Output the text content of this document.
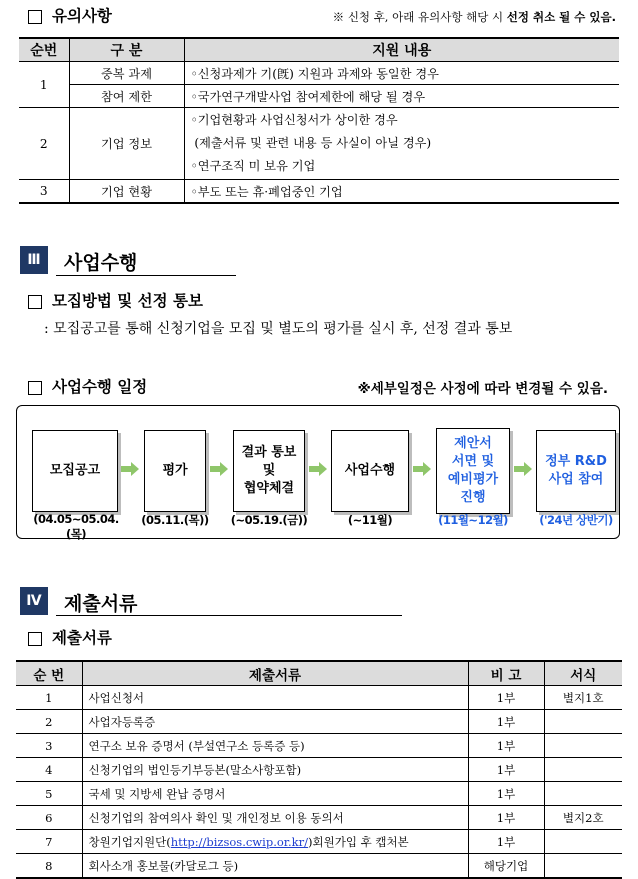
유의사항	※ 신청 후, 아래 유의사항 해당 시 선정 취소 될 수 있음.
순번	구 분	지원 내용
1	중복 과제	◦신청과제가 기(旣) 지원과 과제와 동일한 경우
	참여 제한	◦국가연구개발사업 참여제한에 해당 될 경우
2	기업 정보	◦기업현황과 사업신청서가 상이한 경우
(제출서류 및 관련 내용 등 사실이 아닐 경우)
◦연구조직 미 보유 기업

3	기업 현황	◦부도 또는 휴·폐업중인 기업
Ⅲ	사업수행
모집방법 및 선정 통보
: 모집공고를 통해 신청기업을 모집 및 별도의 평가를 실시 후, 선정 결과 통보
사업수행 일정	※세부일정은 사정에 따라 변경될 수 있음.
모집공고	평가
결과 통보
및
협약체결
사업수행
제안서
서면 및
예비평가
진행
정부 R&D
사업 참여
(04.05~05.04.(목)
(05.11.(목))	(~05.19.(금))	(~11월)	(11월~12월)	('24년 상반기)
Ⅳ	제출서류
제출서류
순 번	제출서류	비 고	서식
1	사업신청서	1부	별지1호
2	사업자등록증	1부	
3	연구소 보유 증명서 (부설연구소 등록증 등)	1부	
4	신청기업의 법인등기부등본(말소사항포함)	1부	
5	국세 및 지방세 완납 증명서	1부	
6	신청기업의 참여의사 확인 및 개인정보 이용 동의서	1부	별지2호
7	창원기업지원단(http://bizsos.cwip.or.kr/)회원가입 후 캡처본	1부	
8	회사소개 홍보물(카달로그 등)	해당기업	
